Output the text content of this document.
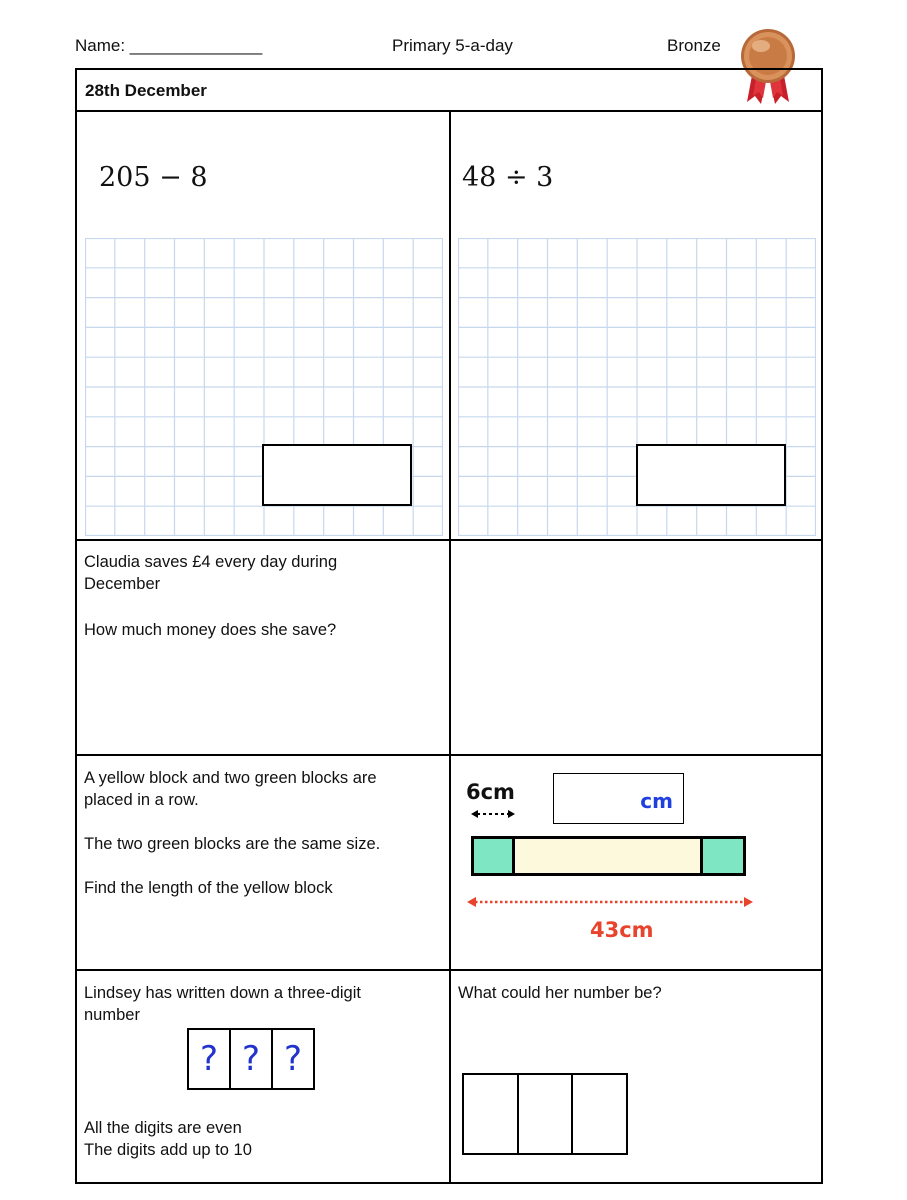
Name: ______________	Primary 5-a-day	Bronze
28th December
205 − 8	48 ÷ 3
Claudia saves £4 every day during
December
How much money does she save?
A yellow block and two green blocks are
placed in a row.
The two green blocks are the same size.
Find the length of the yellow block
6cm	cm
43cm
Lindsey has written down a three-digit
number
? ? ?
All the digits are even
The digits add up to 10
What could her number be?
